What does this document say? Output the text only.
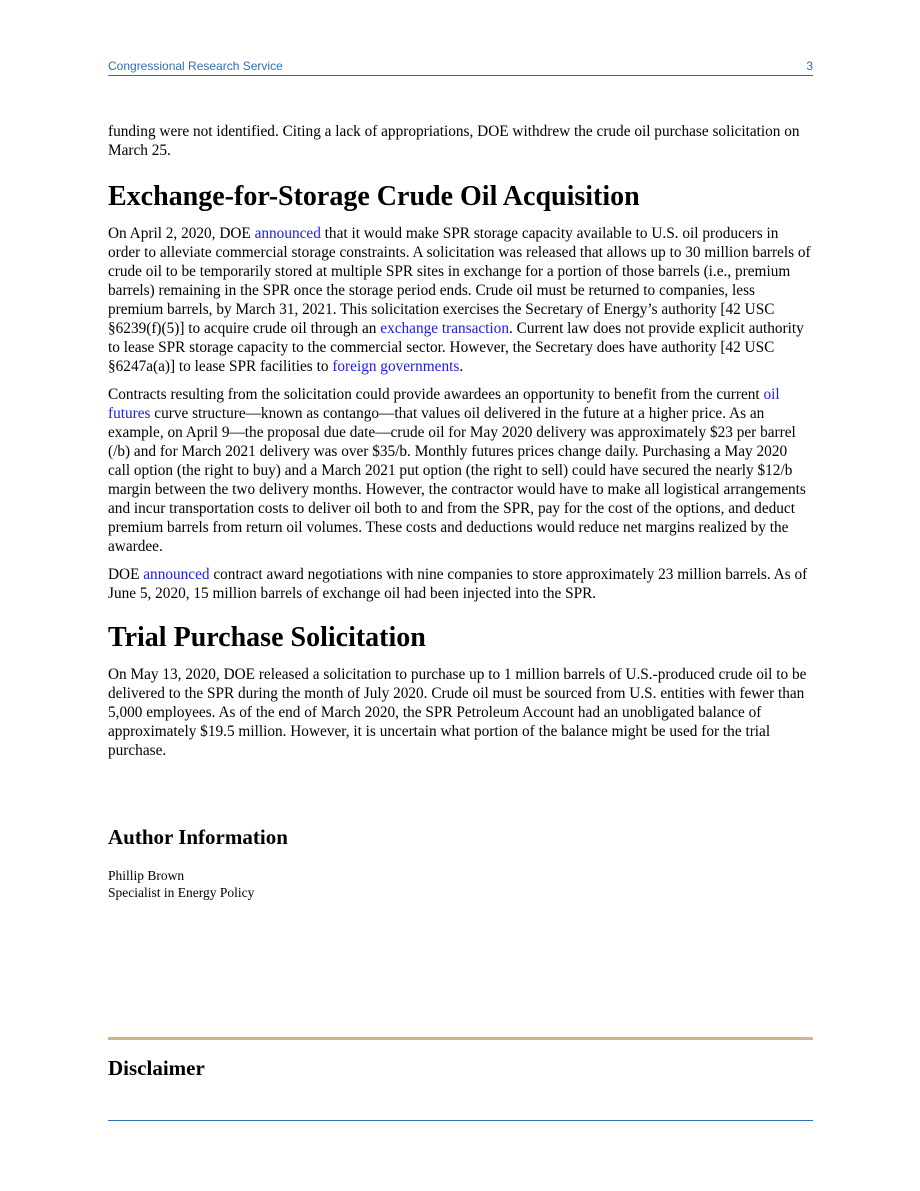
Congressional Research Service	3

funding were not identified. Citing a lack of appropriations, DOE withdrew the crude oil purchase solicitation on March 25.

Exchange-for-Storage Crude Oil Acquisition

On April 2, 2020, DOE announced that it would make SPR storage capacity available to U.S. oil producers in order to alleviate commercial storage constraints. A solicitation was released that allows up to 30 million barrels of crude oil to be temporarily stored at multiple SPR sites in exchange for a portion of those barrels (i.e., premium barrels) remaining in the SPR once the storage period ends. Crude oil must be returned to companies, less premium barrels, by March 31, 2021. This solicitation exercises the Secretary of Energy’s authority [42 USC §6239(f)(5)] to acquire crude oil through an exchange transaction. Current law does not provide explicit authority to lease SPR storage capacity to the commercial sector. However, the Secretary does have authority [42 USC §6247a(a)] to lease SPR facilities to foreign governments.

Contracts resulting from the solicitation could provide awardees an opportunity to benefit from the current oil futures curve structure—known as contango—that values oil delivered in the future at a higher price. As an example, on April 9—the proposal due date—crude oil for May 2020 delivery was approximately $23 per barrel (/b) and for March 2021 delivery was over $35/b. Monthly futures prices change daily. Purchasing a May 2020 call option (the right to buy) and a March 2021 put option (the right to sell) could have secured the nearly $12/b margin between the two delivery months. However, the contractor would have to make all logistical arrangements and incur transportation costs to deliver oil both to and from the SPR, pay for the cost of the options, and deduct premium barrels from return oil volumes. These costs and deductions would reduce net margins realized by the awardee.

DOE announced contract award negotiations with nine companies to store approximately 23 million barrels. As of June 5, 2020, 15 million barrels of exchange oil had been injected into the SPR.

Trial Purchase Solicitation

On May 13, 2020, DOE released a solicitation to purchase up to 1 million barrels of U.S.-produced crude oil to be delivered to the SPR during the month of July 2020. Crude oil must be sourced from U.S. entities with fewer than 5,000 employees. As of the end of March 2020, the SPR Petroleum Account had an unobligated balance of approximately $19.5 million. However, it is uncertain what portion of the balance might be used for the trial purchase.

Author Information

Phillip Brown

Specialist in Energy Policy

Disclaimer
